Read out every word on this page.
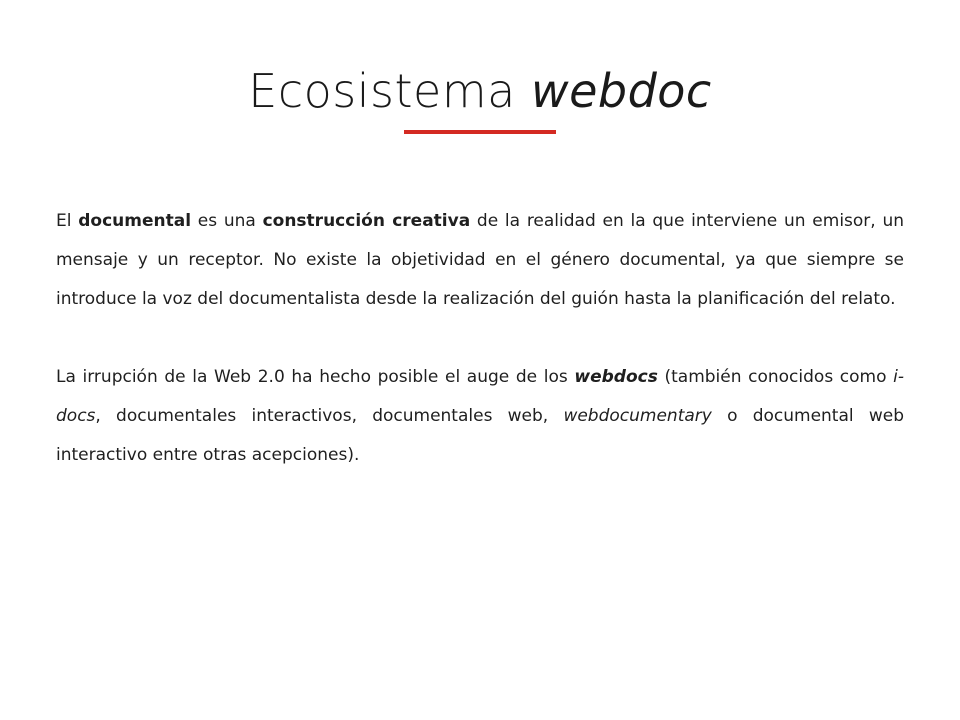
Ecosistema webdoc

El documental es una construcción creativa de la realidad en la que interviene un emisor, un mensaje y un receptor. No existe la objetividad en el género documental, ya que siempre se introduce la voz del documentalista desde la realización del guión hasta la planificación del relato.

La irrupción de la Web 2.0 ha hecho posible el auge de los webdocs (también conocidos como i-docs, documentales interactivos, documentales web, webdocumentary o documental web interactivo entre otras acepciones).
